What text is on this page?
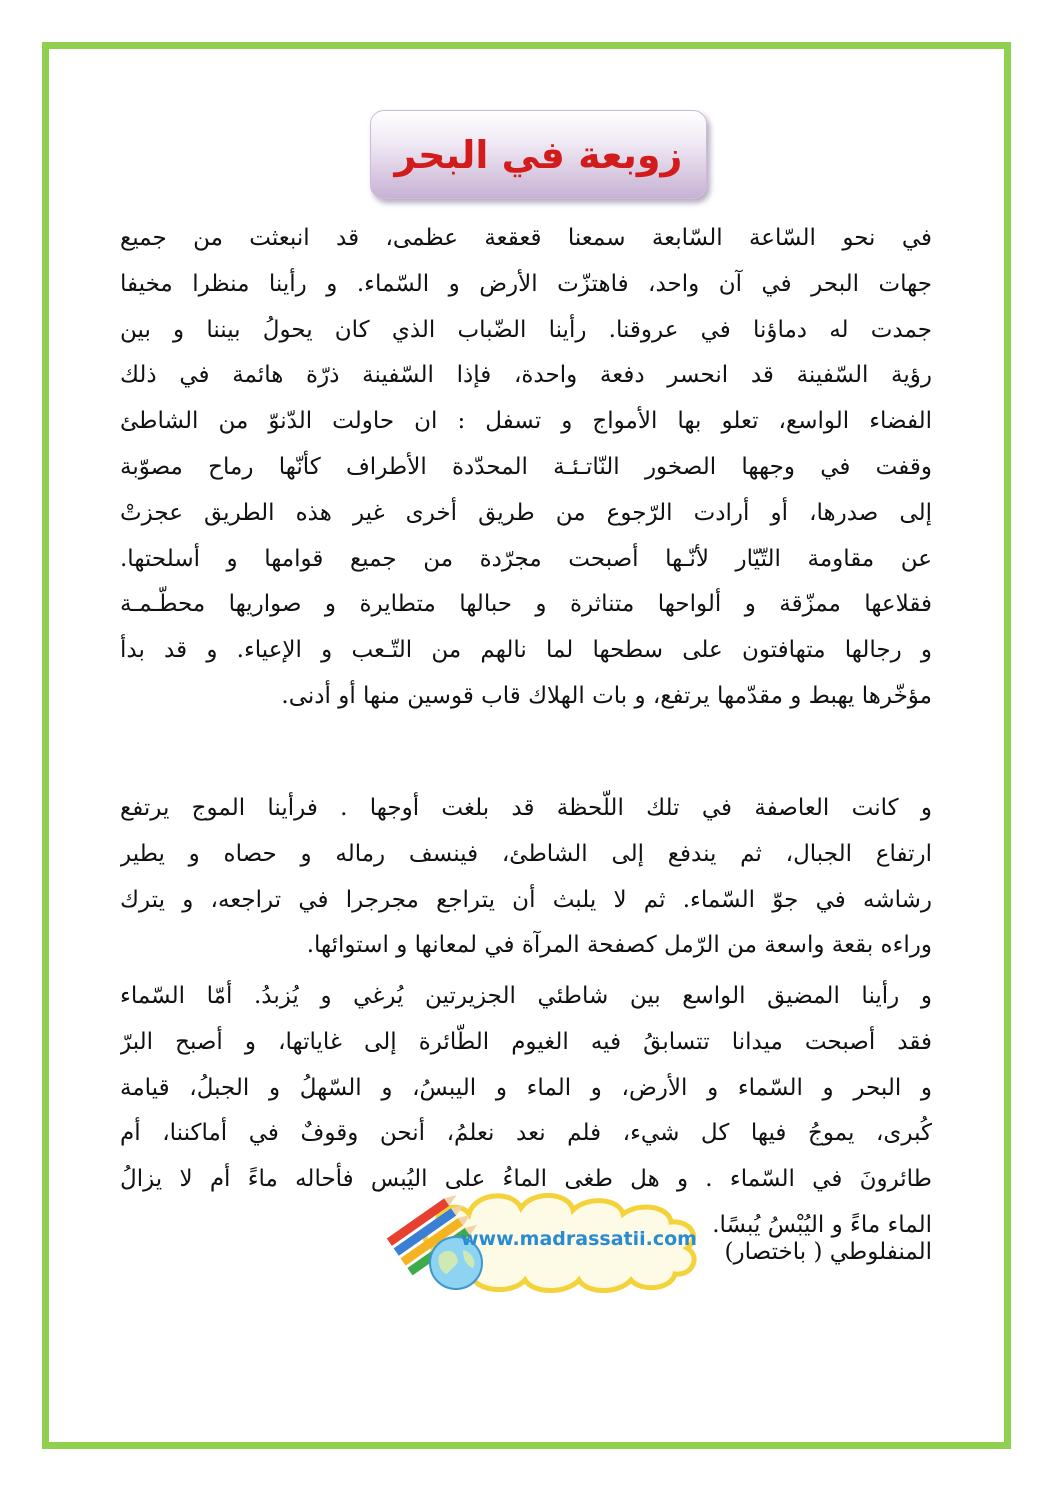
زوبعة في البحر
في نحو السّاعة السّابعة سمعنا قعقعة عظمى، قد انبعثت من جميع
جهات البحر في آن واحد، فاهتزّت الأرض و السّماء. و رأينا منظرا مخيفا
جمدت له دماؤنا في عروقنا. رأينا الضّباب الذي كان يحولُ بيننا و بين
رؤية السّفينة قد انحسر دفعة واحدة، فإذا السّفينة ذرّة هائمة في ذلك
الفضاء الواسع، تعلو بها الأمواج و تسفل : ان حاولت الدّنوّ من الشاطئ
وقفت في وجهها الصخور النّاتـئـة المحدّدة الأطراف كأنّها رماح مصوّبة
إلى صدرها، أو أرادت الرّجوع من طريق أخرى غير هذه الطريق عجزتْ
عن مقاومة التّيّار لأنّـها أصبحت مجرّدة من جميع قوامها و أسلحتها.
فقلاعها ممزّقة و ألواحها متناثرة و حبالها متطايرة و صواريها محطّـمـة
و رجالها متهافتون على سطحها لما نالهم من التّـعب و الإعياء. و قد بدأ
مؤخّرها يهبط و مقدّمها يرتفع، و بات الهلاك قاب قوسين منها أو أدنى.
و كانت العاصفة في تلك اللّحظة قد بلغت أوجها . فرأينا الموج يرتفع
ارتفاع الجبال، ثم يندفع إلى الشاطئ، فينسف رماله و حصاه و يطير
رشاشه في جوّ السّماء. ثم لا يلبث أن يتراجع مجرجرا في تراجعه، و يترك
وراءه بقعة واسعة من الرّمل كصفحة المرآة في لمعانها و استوائها.
و رأينا المضيق الواسع بين شاطئي الجزيرتين يُرغي و يُزبدُ. أمّا السّماء
فقد أصبحت ميدانا تتسابقُ فيه الغيوم الطّائرة إلى غاياتها، و أصبح البرّ
و البحر و السّماء و الأرض، و الماء و اليبسُ، و السّهلُ و الجبلُ، قيامة
كُبرى، يموجُ فيها كل شيء، فلم نعد نعلمُ، أنحن وقوفٌ في أماكننا، أم
طائرونَ في السّماء . و هل طغى الماءُ على اليُبس فأحاله ماءً أم لا يزالُ
الماء ماءً و اليُبْسُ يُبسًا.
المنفلوطي ( باختصار)
www.madrassatii.com
